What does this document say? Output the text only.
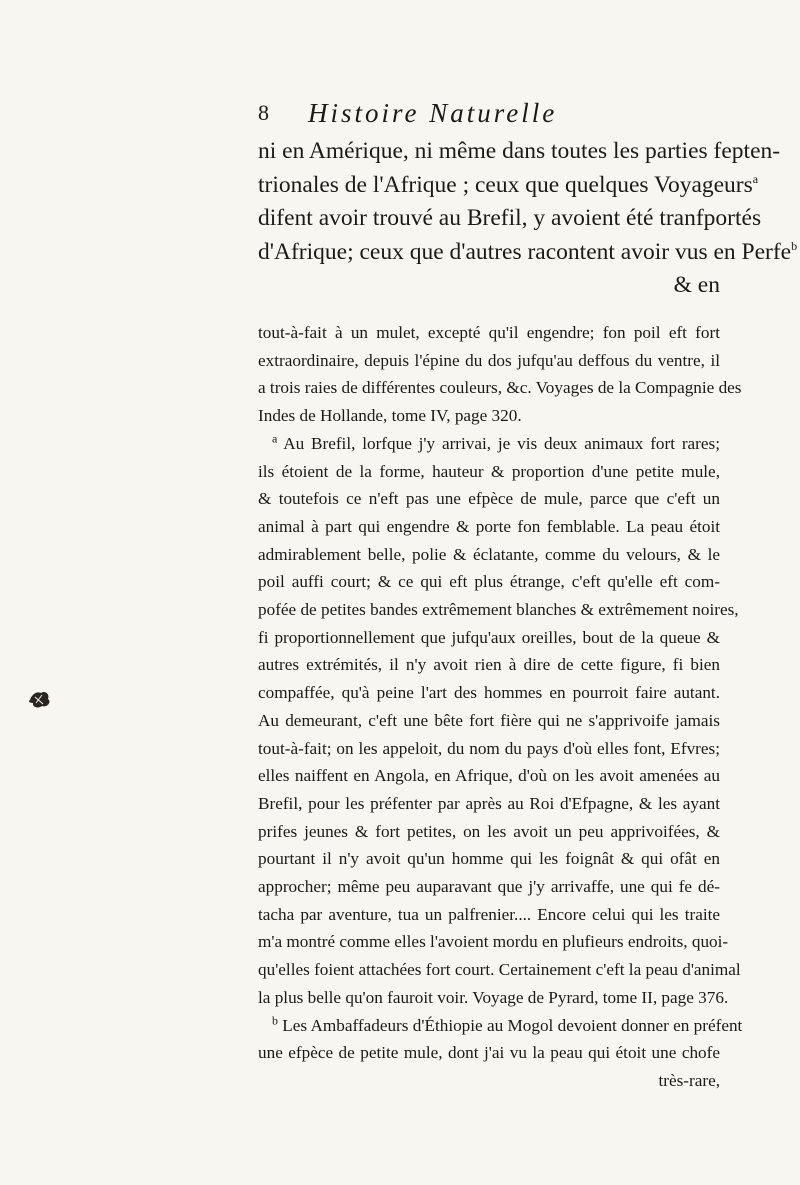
8 Histoire Naturelle
ni en Amérique, ni même dans toutes les parties fepten-
trionales de l'Afrique ; ceux que quelques Voyageurs$^a$
difent avoir trouvé au Brefil, y avoient été tranfportés
d'Afrique; ceux que d'autres racontent avoir vus en Perfe$^b$
& en
tout-à-fait à un mulet, excepté qu'il engendre; fon poil eft fort
extraordinaire, depuis l'épine du dos jufqu'au deffous du ventre, il
a trois raies de différentes couleurs, &c. Voyages de la Compagnie des
Indes de Hollande, tome IV, page 320.
$^a$ Au Brefil, lorfque j'y arrivai, je vis deux animaux fort rares;
ils étoient de la forme, hauteur & proportion d'une petite mule,
& toutefois ce n'eft pas une efpèce de mule, parce que c'eft un
animal à part qui engendre & porte fon femblable. La peau étoit
admirablement belle, polie & éclatante, comme du velours, & le
poil auffi court; & ce qui eft plus étrange, c'eft qu'elle eft com-
pofée de petites bandes extrêmement blanches & extrêmement noires,
fi proportionnellement que jufqu'aux oreilles, bout de la queue &
autres extrémités, il n'y avoit rien à dire de cette figure, fi bien
compaffée, qu'à peine l'art des hommes en pourroit faire autant.
Au demeurant, c'eft une bête fort fière qui ne s'apprivoife jamais
tout-à-fait; on les appeloit, du nom du pays d'où elles font, Efvres;
elles naiffent en Angola, en Afrique, d'où on les avoit amenées au
Brefil, pour les préfenter par après au Roi d'Efpagne, & les ayant
prifes jeunes & fort petites, on les avoit un peu apprivoifées, &
pourtant il n'y avoit qu'un homme qui les foignât & qui ofât en
approcher; même peu auparavant que j'y arrivaffe, une qui fe dé-
tacha par aventure, tua un palfrenier.... Encore celui qui les traite
m'a montré comme elles l'avoient mordu en plufieurs endroits, quoi-
qu'elles foient attachées fort court. Certainement c'eft la peau d'animal
la plus belle qu'on fauroit voir. Voyage de Pyrard, tome II, page 376.
$^b$ Les Ambaffadeurs d'Éthiopie au Mogol devoient donner en préfent
une efpèce de petite mule, dont j'ai vu la peau qui étoit une chofe
très-rare,
